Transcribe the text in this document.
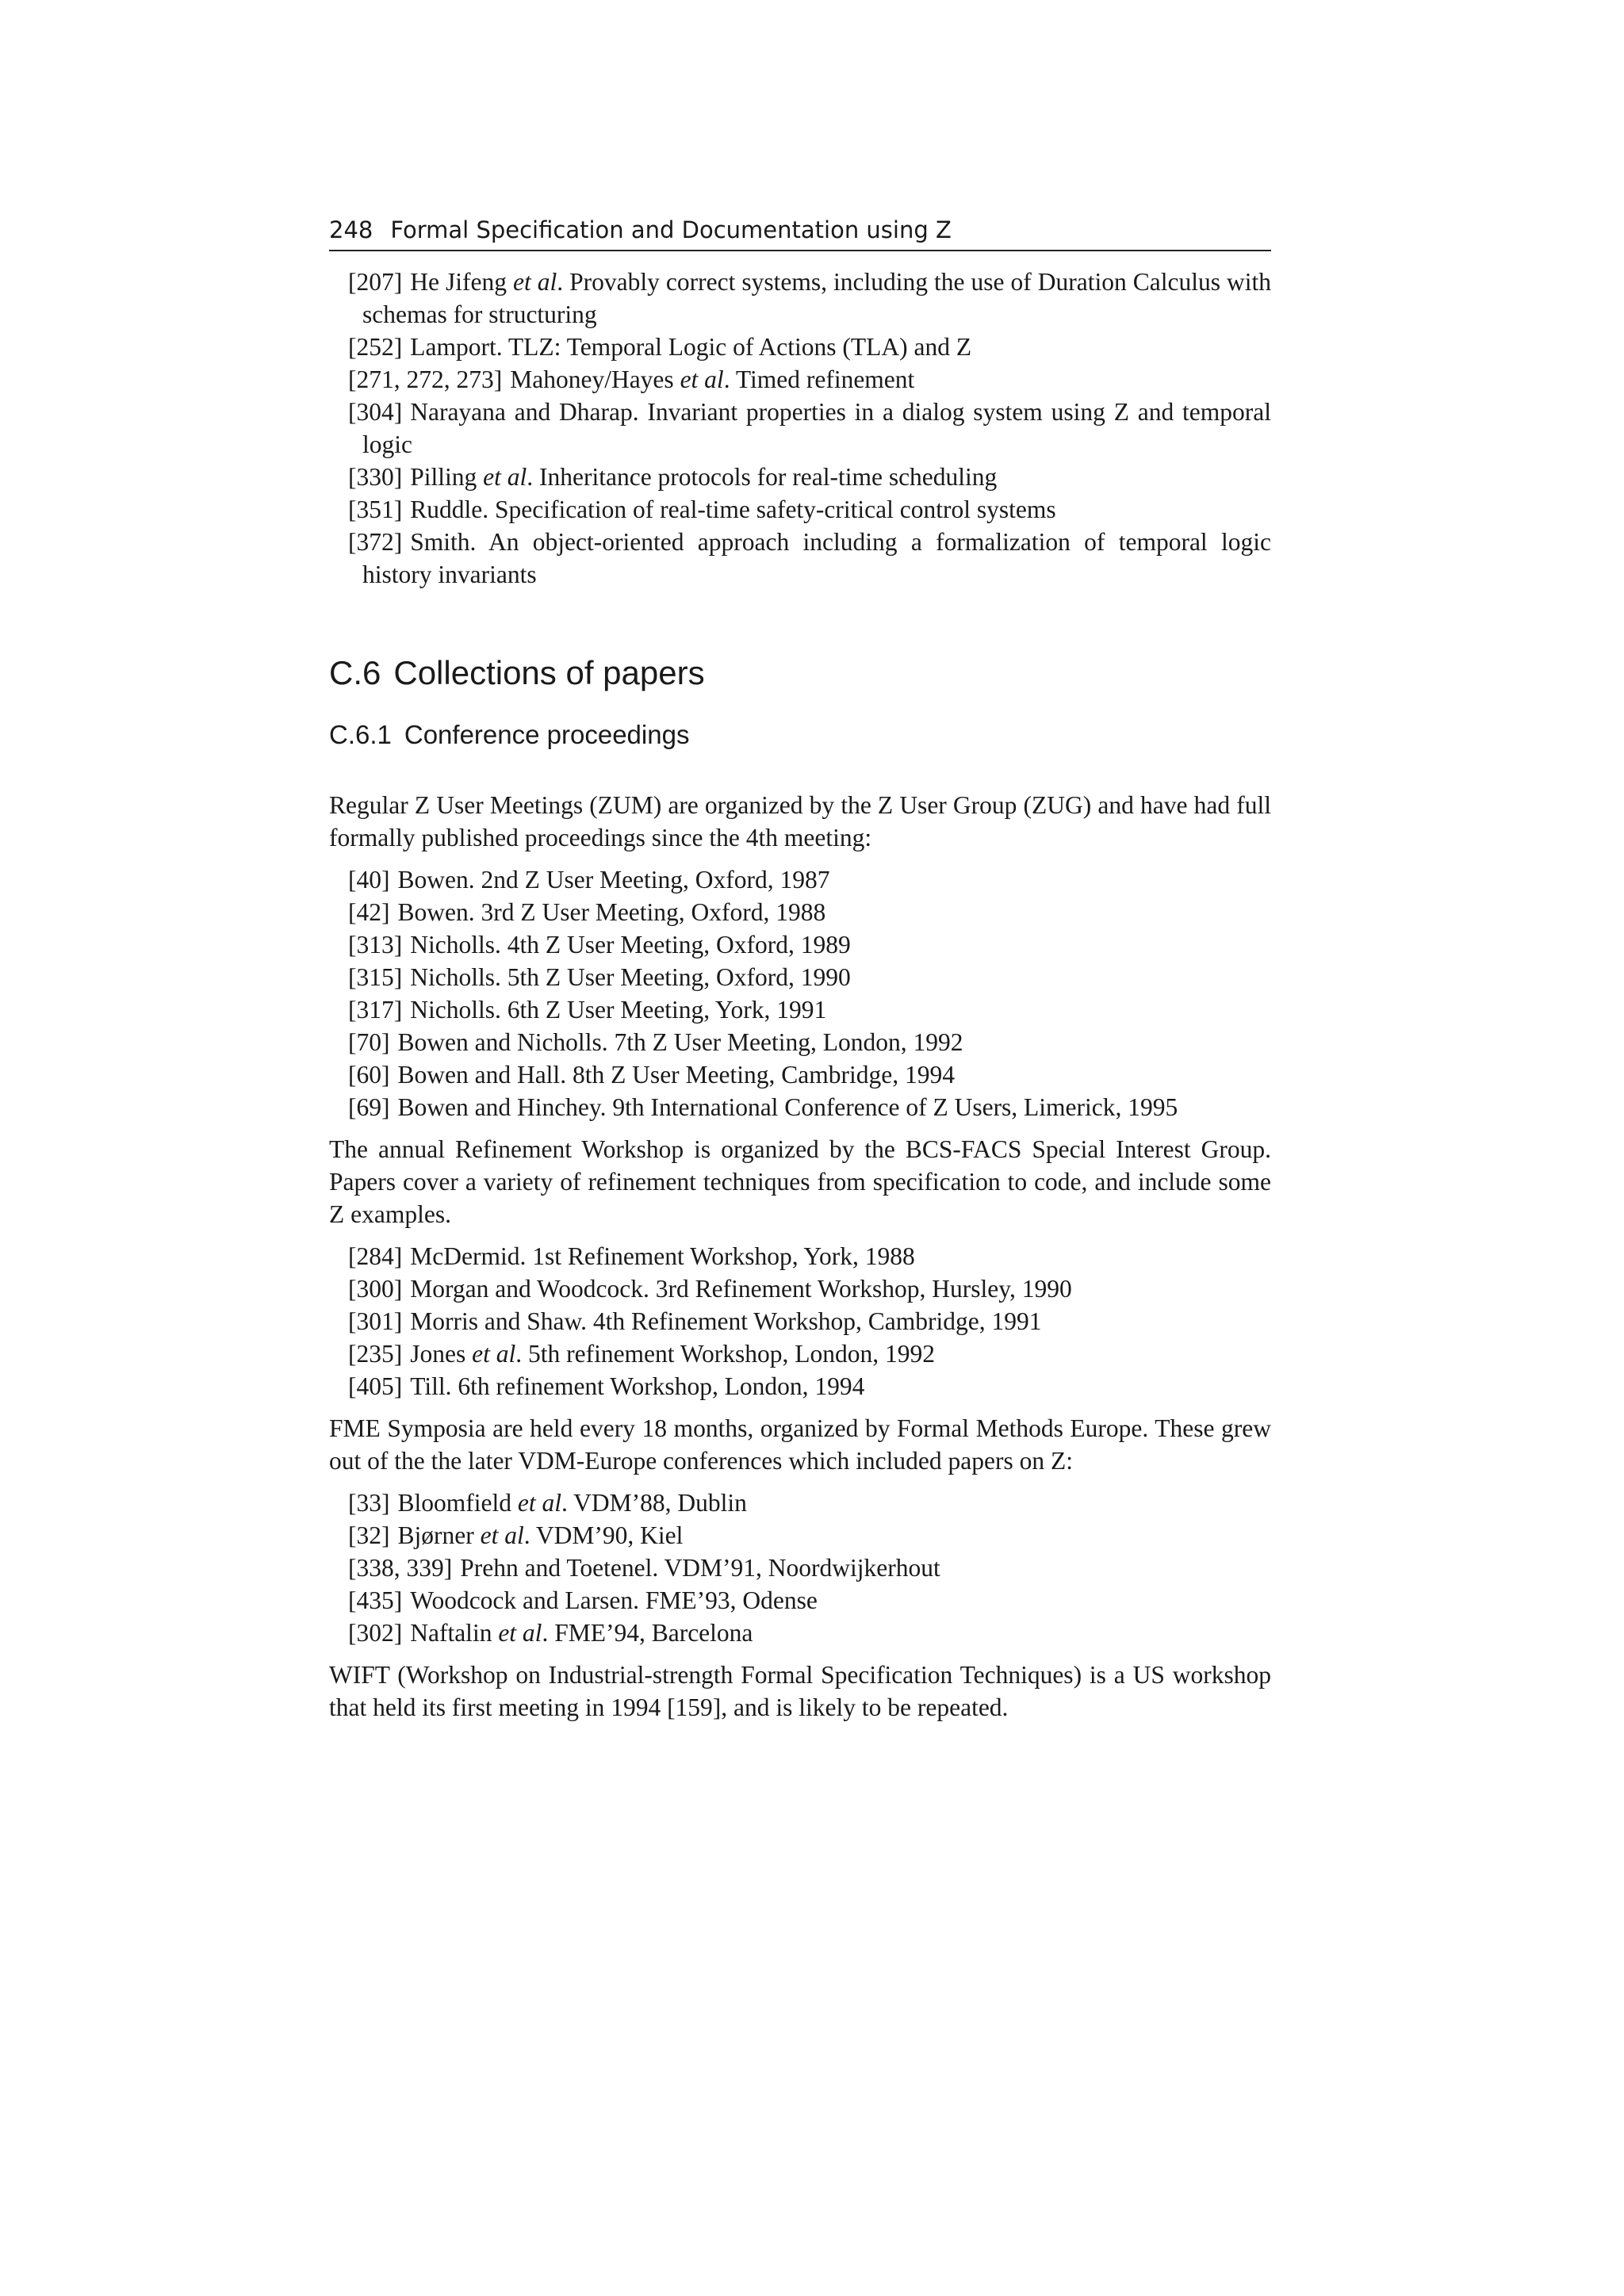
248 Formal Specification and Documentation using Z

[207] He Jifeng et al. Provably correct systems, including the use of Duration Calculus with schemas for structuring

[252] Lamport. TLZ: Temporal Logic of Actions (TLA) and Z

[271, 272, 273] Mahoney/Hayes et al. Timed refinement

[304] Narayana and Dharap. Invariant properties in a dialog system using Z and temporal logic

[330] Pilling et al. Inheritance protocols for real-time scheduling

[351] Ruddle. Specification of real-time safety-critical control systems

[372] Smith. An object-oriented approach including a formalization of temporal logic history invariants

C.6 Collections of papers
C.6.1 Conference proceedings

Regular Z User Meetings (ZUM) are organized by the Z User Group (ZUG) and have had full formally published proceedings since the 4th meeting:

[40] Bowen. 2nd Z User Meeting, Oxford, 1987

[42] Bowen. 3rd Z User Meeting, Oxford, 1988

[313] Nicholls. 4th Z User Meeting, Oxford, 1989

[315] Nicholls. 5th Z User Meeting, Oxford, 1990

[317] Nicholls. 6th Z User Meeting, York, 1991

[70] Bowen and Nicholls. 7th Z User Meeting, London, 1992

[60] Bowen and Hall. 8th Z User Meeting, Cambridge, 1994

[69] Bowen and Hinchey. 9th International Conference of Z Users, Limerick, 1995

The annual Refinement Workshop is organized by the BCS-FACS Special Interest Group. Papers cover a variety of refinement techniques from specification to code, and include some Z examples.

[284] McDermid. 1st Refinement Workshop, York, 1988

[300] Morgan and Woodcock. 3rd Refinement Workshop, Hursley, 1990

[301] Morris and Shaw. 4th Refinement Workshop, Cambridge, 1991

[235] Jones et al. 5th refinement Workshop, London, 1992

[405] Till. 6th refinement Workshop, London, 1994

FME Symposia are held every 18 months, organized by Formal Methods Europe. These grew out of the the later VDM-Europe conferences which included papers on Z:

[33] Bloomfield et al. VDM’88, Dublin

[32] Bjørner et al. VDM’90, Kiel

[338, 339] Prehn and Toetenel. VDM’91, Noordwijkerhout

[435] Woodcock and Larsen. FME’93, Odense

[302] Naftalin et al. FME’94, Barcelona

WIFT (Workshop on Industrial-strength Formal Specification Techniques) is a US workshop that held its first meeting in 1994 [159], and is likely to be repeated.
